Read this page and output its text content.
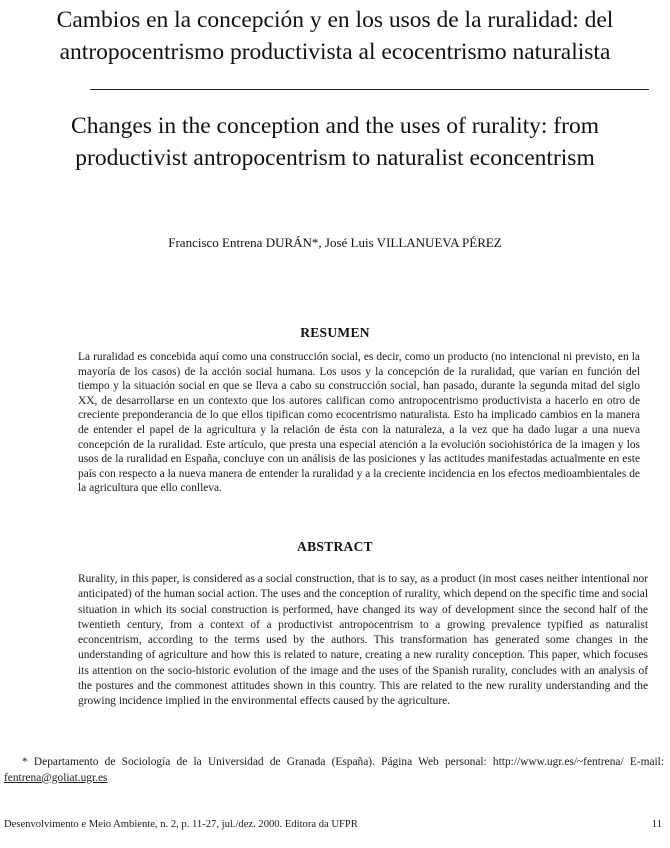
Cambios en la concepción y en los usos de la ruralidad: del
antropocentrismo productivista al ecocentrismo naturalista
Changes in the conception and the uses of rurality: from
productivist antropocentrism to naturalist econcentrism
Francisco Entrena DURÁN*, José Luis VILLANUEVA PÉREZ
RESUMEN
La ruralidad es concebida aquí como una construcción social, es decir, como un producto (no intencional ni previsto, en la mayoría de los casos) de la acción social humana. Los usos y la concepción de la ruralidad, que varían en función del tiempo y la situación social en que se lleva a cabo su construcción social, han pasado, durante la segunda mitad del siglo XX, de desarrollarse en un contexto que los autores califican como antropocentrismo productivista a hacerlo en otro de creciente preponderancia de lo que ellos tipifican como ecocentrismo naturalista. Esto ha implicado cambios en la manera de entender el papel de la agricultura y la relación de ésta con la naturaleza, a la vez que ha dado lugar a una nueva concepción de la ruralidad. Este artículo, que presta una especial atención a la evolución sociohistórica de la imagen y los usos de la ruralidad en España, concluye con un análisis de las posiciones y las actitudes manifestadas actualmente en este país con respecto a la nueva manera de entender la ruralidad y a la creciente incidencia en los efectos medioambientales de la agricultura que ello conlleva.
ABSTRACT
Rurality, in this paper, is considered as a social construction, that is to say, as a product (in most cases neither intentional nor anticipated) of the human social action. The uses and the conception of rurality, which depend on the specific time and social situation in which its social construction is performed, have changed its way of development since the second half of the twentieth century, from a context of a productivist antropocentrism to a growing prevalence typified as naturalist econcentrism, according to the terms used by the authors. This transformation has generated some changes in the understanding of agriculture and how this is related to nature, creating a new rurality conception. This paper, which focuses its attention on the socio-historic evolution of the image and the uses of the Spanish rurality, concludes with an analysis of the postures and the commonest attitudes shown in this country. This are related to the new rurality understanding and the growing incidence implied in the environmental effects caused by the agriculture.
* Departamento de Sociología de la Universidad de Granada (España). Página Web personal: http://www.ugr.es/~fentrena/ E-mail: fentrena@goliat.ugr.es
Desenvolvimento e Meio Ambiente, n. 2, p. 11-27, jul./dez. 2000. Editora da UFPR	11
